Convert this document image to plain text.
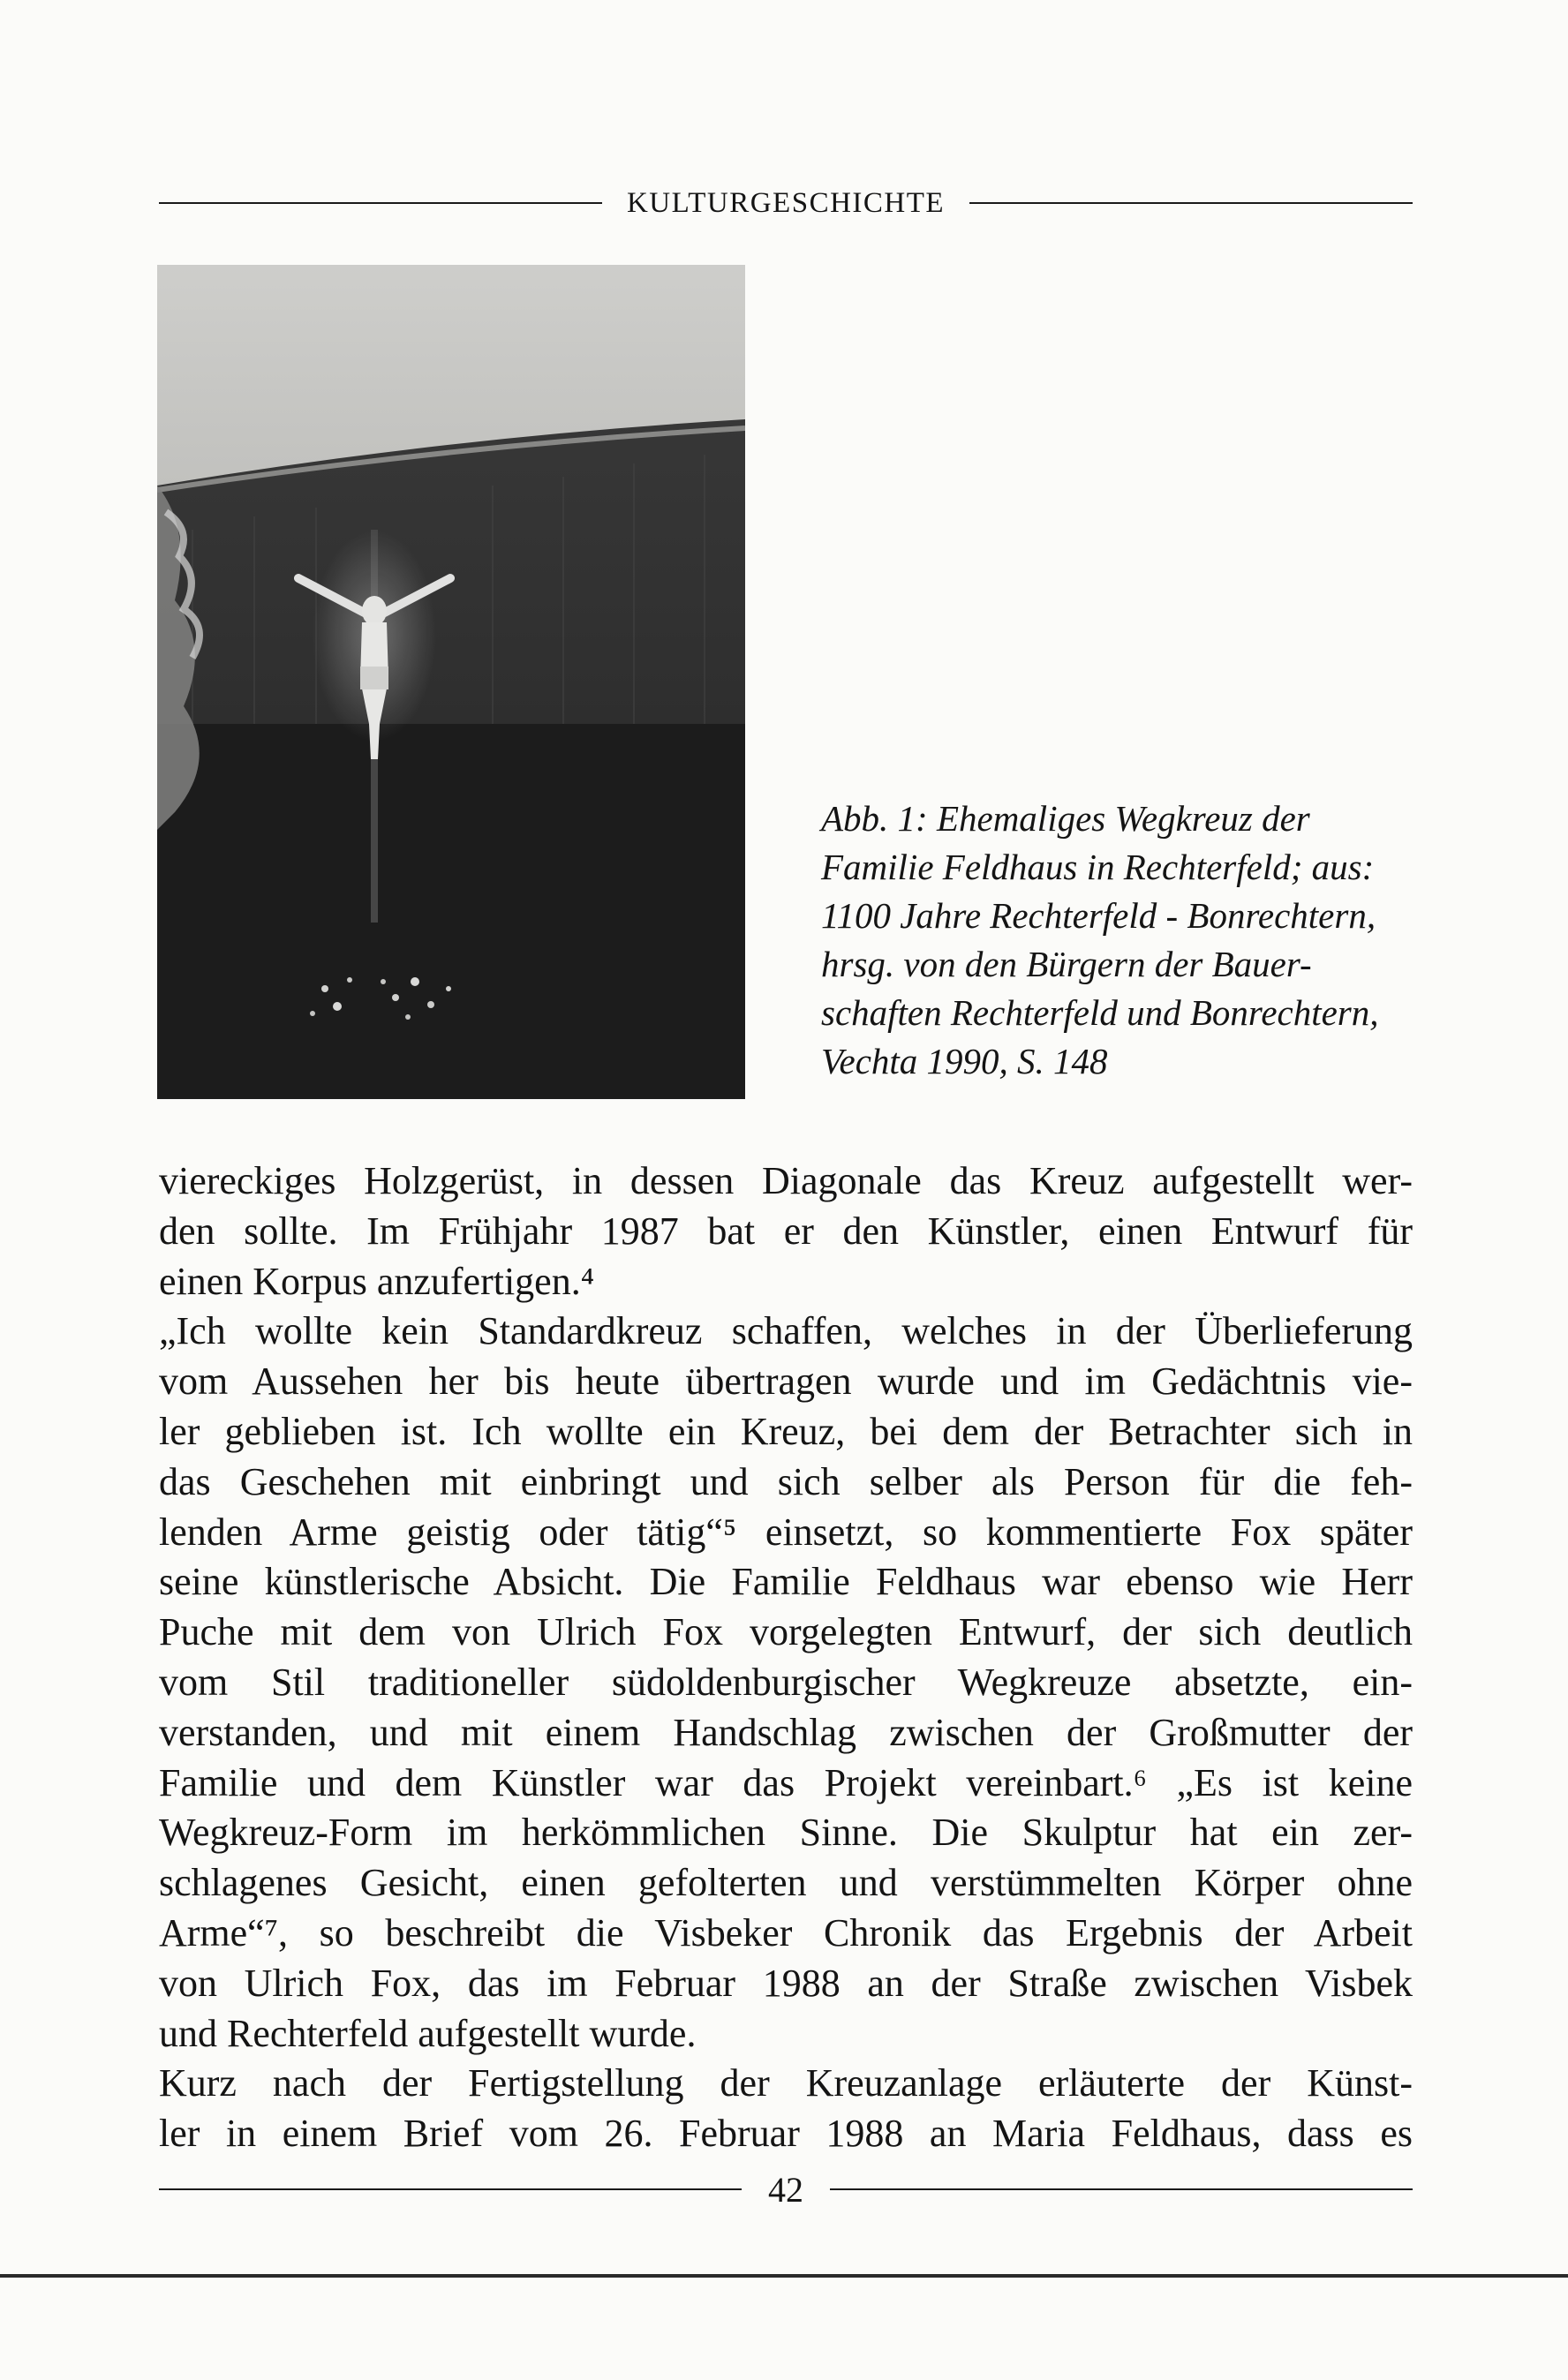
KULTURGESCHICHTE
Abb. 1: Ehemaliges Wegkreuz der
Familie Feldhaus in Rechterfeld; aus:
1100 Jahre Rechterfeld - Bonrechtern,
hrsg. von den Bürgern der Bauer-
schaften Rechterfeld und Bonrechtern,
Vechta 1990, S. 148
viereckiges Holzgerüst, in dessen Diagonale das Kreuz aufgestellt wer-
den sollte. Im Frühjahr 1987 bat er den Künstler, einen Entwurf für
einen Korpus anzufertigen.⁴
„Ich wollte kein Standardkreuz schaffen, welches in der Überlieferung
vom Aussehen her bis heute übertragen wurde und im Gedächtnis vie-
ler geblieben ist. Ich wollte ein Kreuz, bei dem der Betrachter sich in
das Geschehen mit einbringt und sich selber als Person für die feh-
lenden Arme geistig oder tätig“⁵ einsetzt, so kommentierte Fox später
seine künstlerische Absicht. Die Familie Feldhaus war ebenso wie Herr
Puche mit dem von Ulrich Fox vorgelegten Entwurf, der sich deutlich
vom Stil traditioneller südoldenburgischer Wegkreuze absetzte, ein-
verstanden, und mit einem Handschlag zwischen der Großmutter der
Familie und dem Künstler war das Projekt vereinbart.⁶ „Es ist keine
Wegkreuz-Form im herkömmlichen Sinne. Die Skulptur hat ein zer-
schlagenes Gesicht, einen gefolterten und verstümmelten Körper ohne
Arme“⁷, so beschreibt die Visbeker Chronik das Ergebnis der Arbeit
von Ulrich Fox, das im Februar 1988 an der Straße zwischen Visbek
und Rechterfeld aufgestellt wurde.
Kurz nach der Fertigstellung der Kreuzanlage erläuterte der Künst-
ler in einem Brief vom 26. Februar 1988 an Maria Feldhaus, dass es
42
